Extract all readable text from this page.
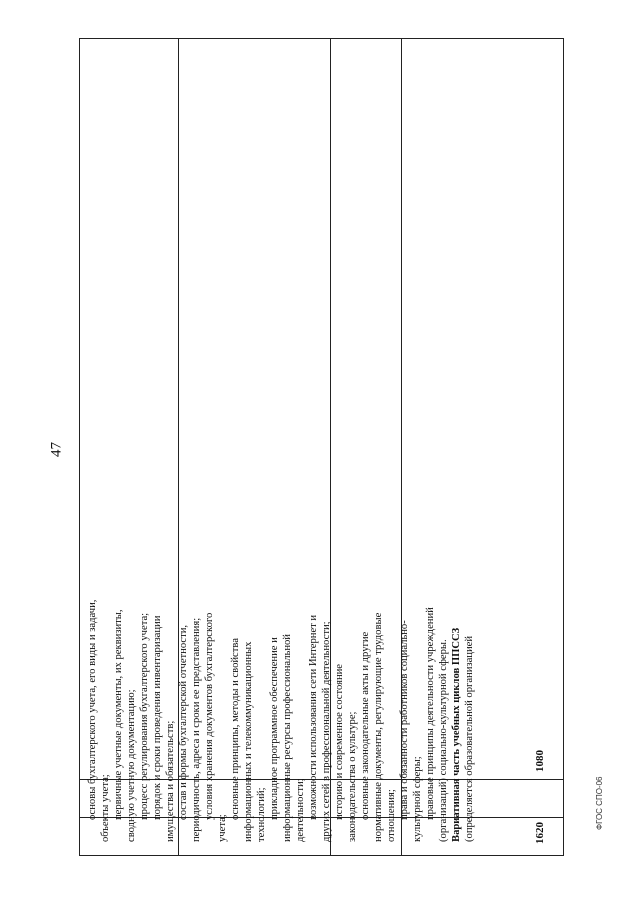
47

основы бухгалтерского учета, его виды и задачи, объекты учета; первичные учетные документы, их реквизиты, сводную учетную документацию; процесс регулирования бухгалтерского учета; порядок и сроки проведения инвентаризации имущества и обязательств; состав и формы бухгалтерской отчетности, периодичность, адреса и сроки ее представления; условия хранения документов бухгалтерского

учета;

основные принципы, методы и свойства информационных и телекоммуникационных технологий; прикладное программное обеспечение и информационные ресурсы профессиональной деятельности; возможности использования сети Интернет и других сетей в профессиональной деятельности; историю и современное состояние законодательства о культуре; основные законодательные акты и другие нормативные документы, регулирующие трудовые отношения; права и обязанности работников социально- культурной сферы; правовые принципы деятельности учреждений (организаций) социально-культурной сферы. Вариативная часть учебных циклов ППССЗ (определяется образовательной организацией	1620
1080
ФГОС СПО-06
